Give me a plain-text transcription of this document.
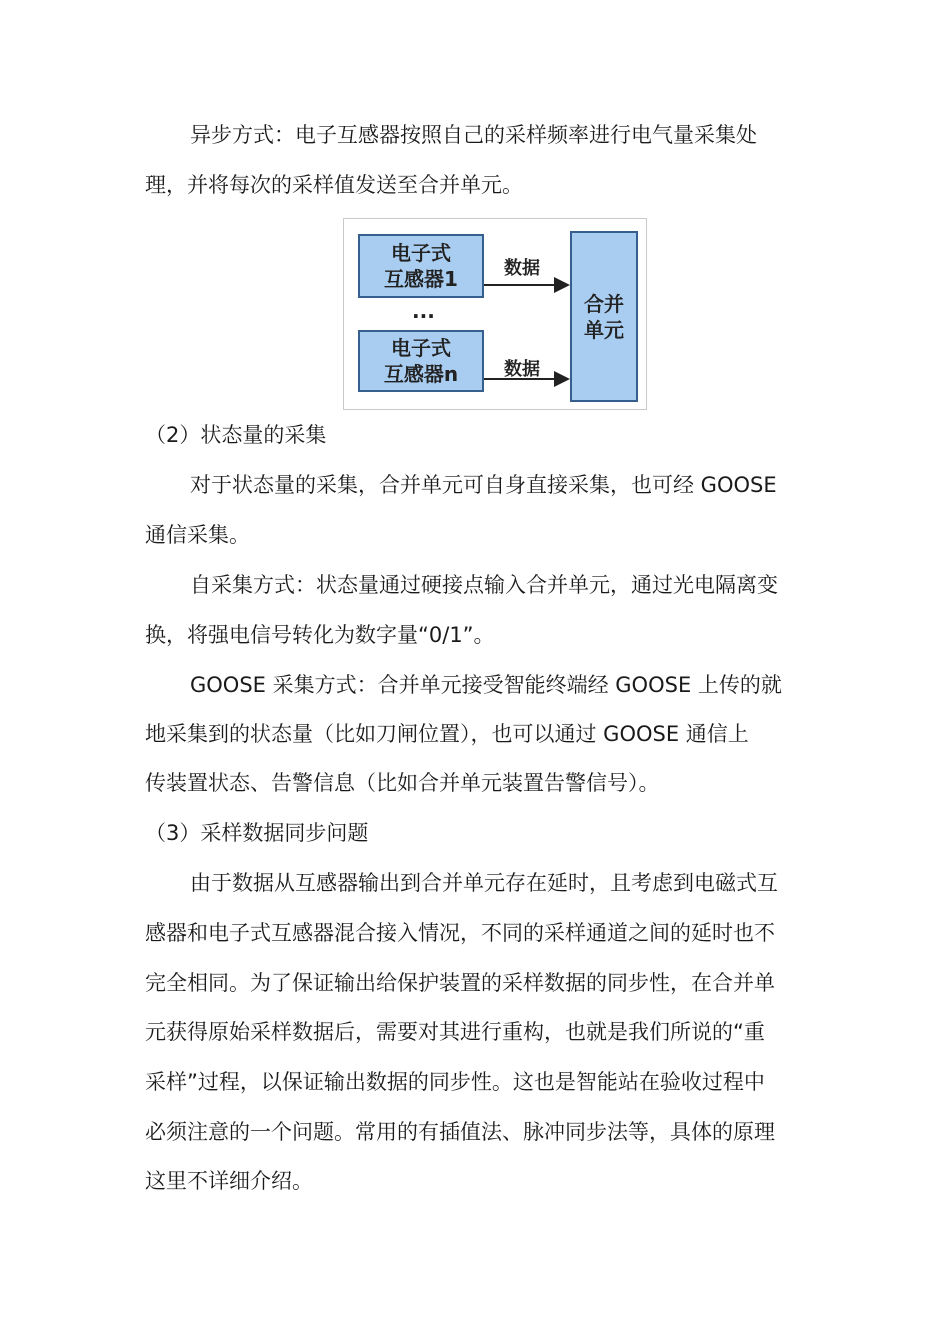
异步方式：电子互感器按照自己的采样频率进行电气量采集处
理，并将每次的采样值发送至合并单元。
电子式
互感器1
...
电子式
互感器n
数据
数据
合并
单元
（2）状态量的采集
对于状态量的采集，合并单元可自身直接采集，也可经 GOOSE
通信采集。
自采集方式：状态量通过硬接点输入合并单元，通过光电隔离变
换，将强电信号转化为数字量“0/1”。
GOOSE 采集方式：合并单元接受智能终端经 GOOSE 上传的就
地采集到的状态量（比如刀闸位置），也可以通过 GOOSE 通信上
传装置状态、告警信息（比如合并单元装置告警信号）。
（3）采样数据同步问题
由于数据从互感器输出到合并单元存在延时，且考虑到电磁式互
感器和电子式互感器混合接入情况，不同的采样通道之间的延时也不
完全相同。为了保证输出给保护装置的采样数据的同步性，在合并单
元获得原始采样数据后，需要对其进行重构，也就是我们所说的“重
采样”过程，以保证输出数据的同步性。这也是智能站在验收过程中
必须注意的一个问题。常用的有插值法、脉冲同步法等，具体的原理
这里不详细介绍。
